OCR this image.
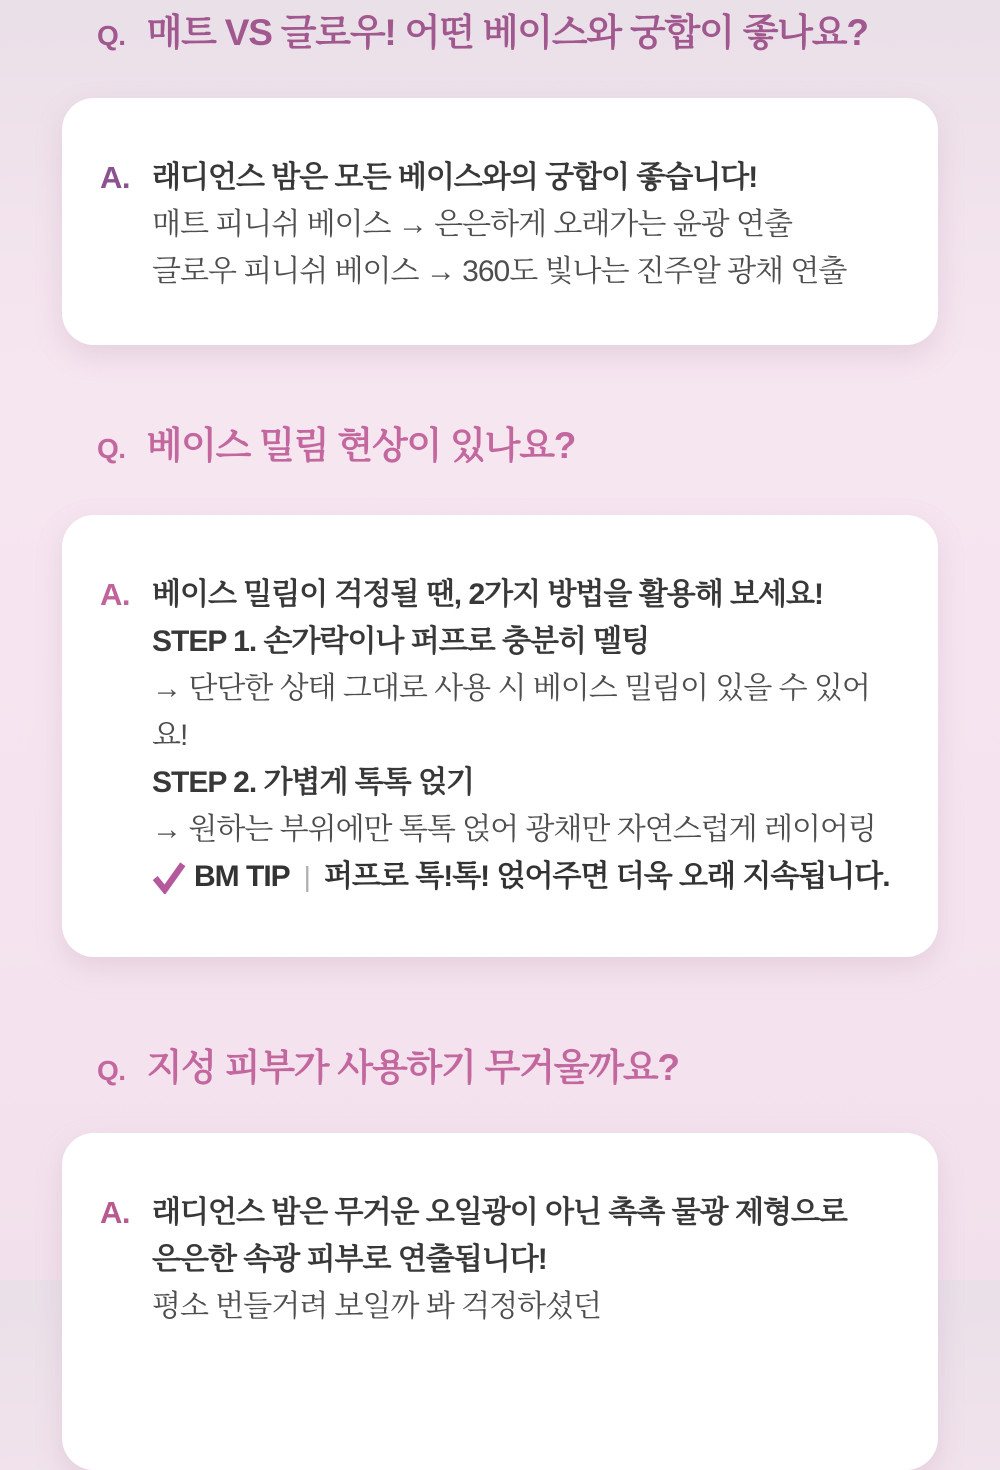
Q. 매트 VS 글로우! 어떤 베이스와 궁합이 좋나요?
A. 래디언스 밤은 모든 베이스와의 궁합이 좋습니다!

매트 피니쉬 베이스 → 은은하게 오래가는 윤광 연출

글로우 피니쉬 베이스 → 360도 빛나는 진주알 광채 연출

Q. 베이스 밀림 현상이 있나요?
A. 베이스 밀림이 걱정될 땐, 2가지 방법을 활용해 보세요!

STEP 1. 손가락이나 퍼프로 충분히 멜팅

→ 단단한 상태 그대로 사용 시 베이스 밀림이 있을 수 있어요!

STEP 2. 가볍게 톡톡 얹기

→ 원하는 부위에만 톡톡 얹어 광채만 자연스럽게 레이어링

BM TIP | 퍼프로 톡!톡! 얹어주면 더욱 오래 지속됩니다.

Q. 지성 피부가 사용하기 무거울까요?
A. 래디언스 밤은 무거운 오일광이 아닌 촉촉 물광 제형으로

은은한 속광 피부로 연출됩니다!

평소 번들거려 보일까 봐 걱정하셨던
